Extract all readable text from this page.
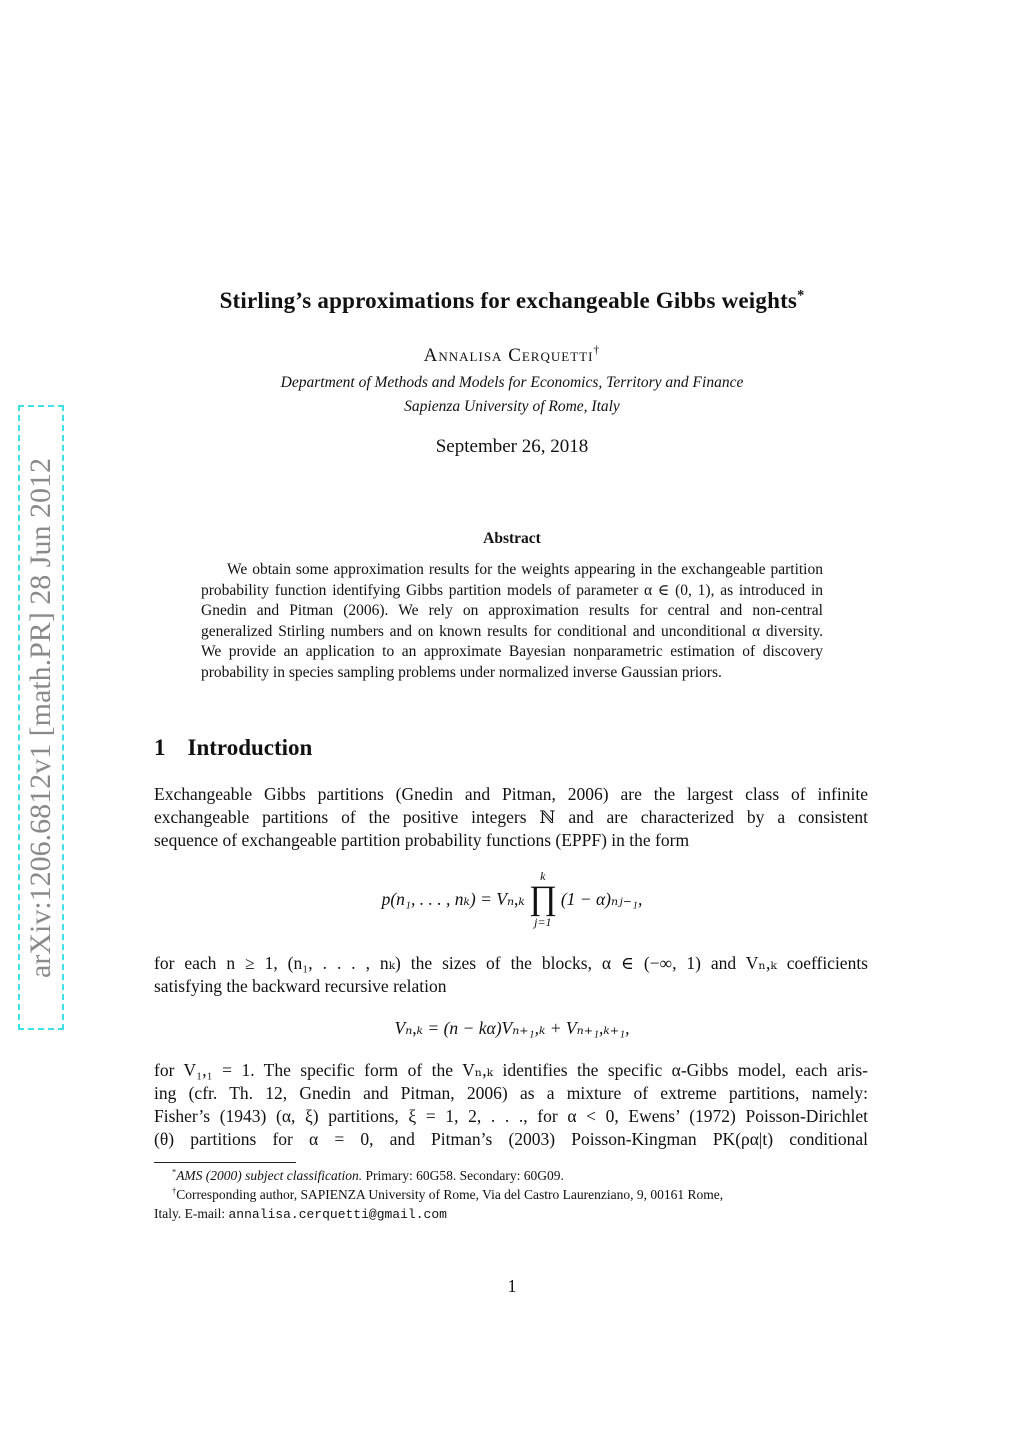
arXiv:1206.6812v1 [math.PR] 28 Jun 2012
Stirling’s approximations for exchangeable Gibbs weights*
Annalisa Cerquetti†
Department of Methods and Models for Economics, Territory and Finance
Sapienza University of Rome, Italy
September 26, 2018
Abstract
We obtain some approximation results for the weights appearing in the exchangeable partition probability function identifying Gibbs partition models of parameter α ∈ (0, 1), as introduced in Gnedin and Pitman (2006). We rely on approximation results for central and non-central generalized Stirling numbers and on known results for conditional and unconditional α diversity. We provide an application to an approximate Bayesian nonparametric estimation of discovery probability in species sampling problems under normalized inverse Gaussian priors.
1 Introduction
Exchangeable Gibbs partitions (Gnedin and Pitman, 2006) are the largest class of infinite
exchangeable partitions of the positive integers ℕ and are characterized by a consistent
sequence of exchangeable partition probability functions (EPPF) in the form
p(n₁, . . . , nₖ) = Vₙ,ₖ
k
∏
j=1
(1 − α)ₙⱼ₋₁,
for each n ≥ 1, (n₁, . . . , nₖ) the sizes of the blocks, α ∈ (−∞, 1) and Vₙ,ₖ coefficients
satisfying the backward recursive relation
Vₙ,ₖ = (n − kα)Vₙ₊₁,ₖ + Vₙ₊₁,ₖ₊₁,
for V₁,₁ = 1. The specific form of the Vₙ,ₖ identifies the specific α-Gibbs model, each aris-
ing (cfr. Th. 12, Gnedin and Pitman, 2006) as a mixture of extreme partitions, namely:
Fisher’s (1943) (α, ξ) partitions, ξ = 1, 2, . . ., for α < 0, Ewens’ (1972) Poisson-Dirichlet
(θ) partitions for α = 0, and Pitman’s (2003) Poisson-Kingman PK(ρα|t) conditional
*AMS (2000) subject classification. Primary: 60G58. Secondary: 60G09.
†Corresponding author, SAPIENZA University of Rome, Via del Castro Laurenziano, 9, 00161 Rome,
Italy. E-mail: annalisa.cerquetti@gmail.com
1
